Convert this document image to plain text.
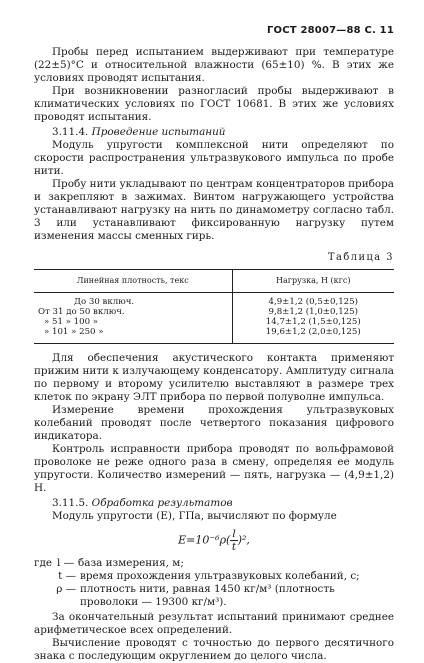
ГОСТ 28007—88 С. 11

Пробы перед испытанием выдерживают при температуре (22±5)°С и относительной влажности (65±10) %. В этих же условиях проводят испытания.

При возникновении разногласий пробы выдерживают в климатических условиях по ГОСТ 10681. В этих же условиях проводят испытания.

3.11.4. Проведение испытаний

Модуль упругости комплексной нити определяют по скорости распространения ультразвукового импульса по пробе нити.

Пробу нити укладывают по центрам концентраторов прибора и закрепляют в зажимах. Винтом нагружающего устройства устанавливают нагрузку на нить по динамометру согласно табл. 3 или устанавливают фиксированную нагрузку путем изменения массы сменных гирь.

Таблица 3
Линейная плотность, текс	Нагрузка, Н (кгс)
До 30 включ.	4,9±1,2 (0,5±0,125)
От 31 до 50 включ.	9,8±1,2 (1,0±0,125)
» 51 » 100 »	14,7±1,2 (1,5±0,125)
» 101 » 250 »	19,6±1,2 (2,0±0,125)

Для обеспечения акустического контакта применяют прижим нити к излучающему конденсатору. Амплитуду сигнала по первому и второму усилителю выставляют в размере трех клеток по экрану ЭЛТ прибора по первой полуволне импульса.

Измерение времени прохождения ультразвуковых колебаний проводят после четвертого показания цифрового индикатора.

Контроль исправности прибора проводят по вольфрамовой проволоке не реже одного раза в смену, определяя ее модуль упругости. Количество измерений — пять, нагрузка — (4,9±1,2) Н.

3.11.5. Обработка результатов

Модуль упругости (E), ГПа, вычисляют по формуле

$E=10^{-6}\rho( \frac{l}{t} )^2$,
где l — база измерения, м;
t — время прохождения ультразвуковых колебаний, с;
ρ — плотность нити, равная 1450 кг/м³ (плотность проволоки — 19300 кг/м³).

За окончательный результат испытаний принимают среднее арифметическое всех определений.

Вычисление проводят с точностью до первого десятичного знака с последующим округлением до целого числа.
